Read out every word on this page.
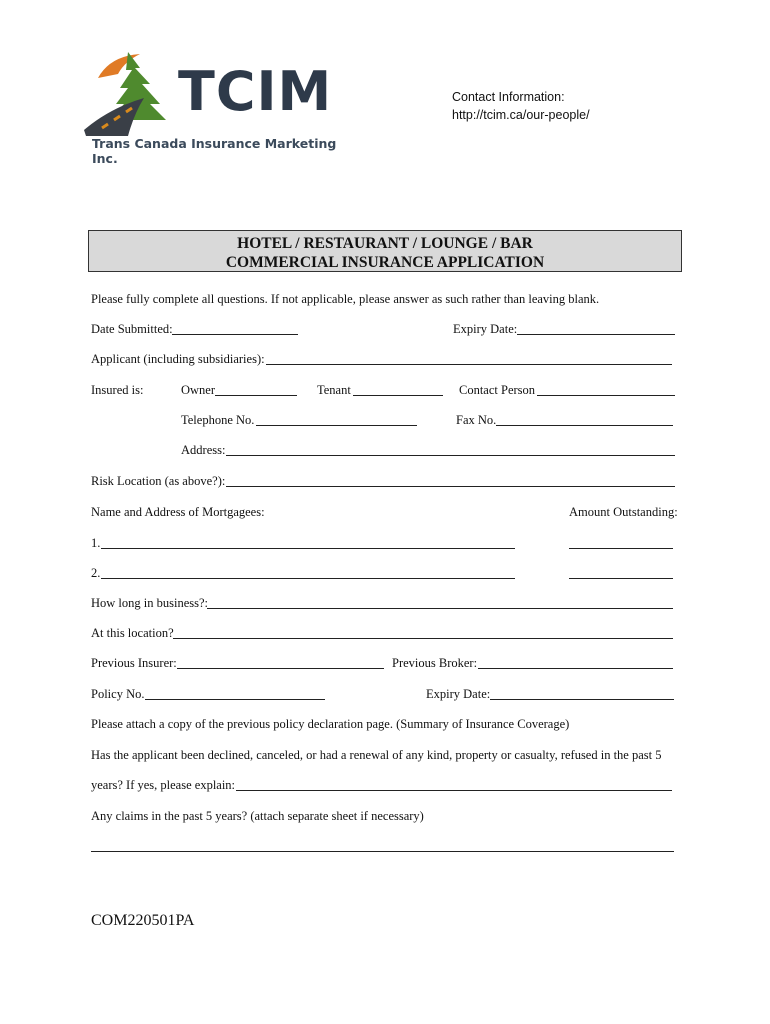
TCIM
Trans Canada Insurance Marketing Inc.
Contact Information:
http://tcim.ca/our-people/
HOTEL / RESTAURANT / LOUNGE / BAR
COMMERCIAL INSURANCE APPLICATION
Please fully complete all questions. If not applicable, please answer as such rather than leaving blank.
Date Submitted:	Expiry Date:
Applicant (including subsidiaries):
Insured is:	Owner	Tenant	Contact Person
Telephone No.	Fax No.
Address:
Risk Location (as above?):
Name and Address of Mortgagees:	Amount Outstanding:
1.
2.
How long in business?:
At this location?
Previous Insurer:	Previous Broker:
Policy No.	Expiry Date:
Please attach a copy of the previous policy declaration page. (Summary of Insurance Coverage)
Has the applicant been declined, canceled, or had a renewal of any kind, property or casualty, refused in the past 5
years? If yes, please explain:
Any claims in the past 5 years? (attach separate sheet if necessary)
COM220501PA
